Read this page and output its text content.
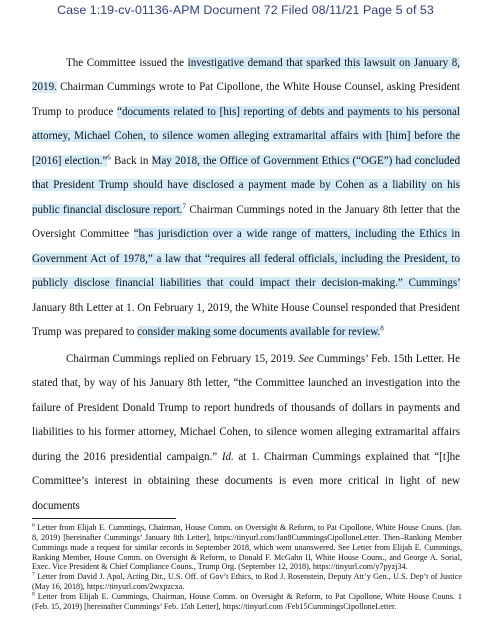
Case 1:19-cv-01136-APM Document 72 Filed 08/11/21 Page 5 of 53
The Committee issued the investigative demand that sparked this lawsuit on January 8, 2019. Chairman Cummings wrote to Pat Cipollone, the White House Counsel, asking President Trump to produce “documents related to [his] reporting of debts and payments to his personal attorney, Michael Cohen, to silence women alleging extramarital affairs with [him] before the [2016] election.”$^6$ Back in May 2018, the Office of Government Ethics (“OGE”) had concluded that President Trump should have disclosed a payment made by Cohen as a liability on his public financial disclosure report.$^7$ Chairman Cummings noted in the January 8th letter that the Oversight Committee “has jurisdiction over a wide range of matters, including the Ethics in Government Act of 1978,” a law that “requires all federal officials, including the President, to publicly disclose financial liabilities that could impact their decision-making.” Cummings’ January 8th Letter at 1. On February 1, 2019, the White House Counsel responded that President Trump was prepared to consider making some documents available for review.$^8$
Chairman Cummings replied on February 15, 2019. See Cummings’ Feb. 15th Letter. He stated that, by way of his January 8th letter, “the Committee launched an investigation into the failure of President Donald Trump to report hundreds of thousands of dollars in payments and liabilities to his former attorney, Michael Cohen, to silence women alleging extramarital affairs during the 2016 presidential campaign.” Id. at 1. Chairman Cummings explained that “[t]he Committee’s interest in obtaining these documents is even more critical in light of new documents

$^6$ Letter from Elijah E. Cummings, Chairman, House Comm. on Oversight & Reform, to Pat Cipollone, White House Couns. (Jan. 8, 2019) [hereinafter Cummings’ January 8th Letter], https://tinyurl.com/Jan8CummingsCipolloneLetter. Then–Ranking Member Cummings made a request for similar records in September 2018, which went unanswered. See Letter from Elijah E. Cummings, Ranking Member, House Comm. on Oversight & Reform, to Donald F. McGahn II, White House Couns., and George A. Sorial, Exec. Vice President & Chief Compliance Couns., Trump Org. (September 12, 2018), https://tinyurl.com/y7pyzj34.

$^7$ Letter from David J. Apol, Acting Dir., U.S. Off. of Gov’t Ethics, to Rod J. Rosenstein, Deputy Att’y Gen., U.S. Dep’t of Justice (May 16, 2018), https://tinyurl.com/2wxpzcxa.

$^8$ Letter from Elijah E. Cummings, Chairman, House Comm. on Oversight & Reform, to Pat Cipollone, White House Couns. 1 (Feb. 15, 2019) [hereinafter Cummings’ Feb. 15th Letter], https://tinyurl.com /Feb15CummingsCipolloneLetter.
